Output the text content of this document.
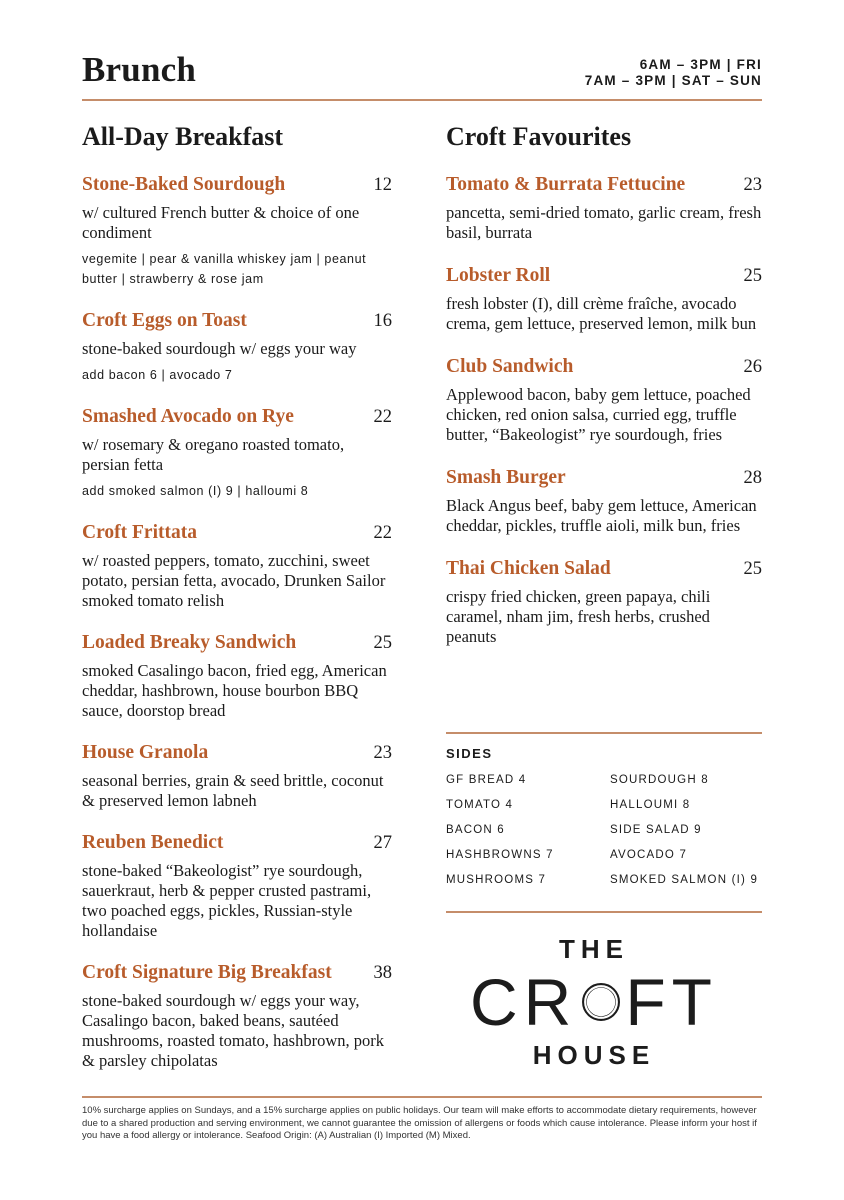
Brunch	6AM – 3PM | FRI
7AM – 3PM | SAT – SUN
All-Day Breakfast
Stone-Baked Sourdough	12
w/ cultured French butter & choice of one condiment
vegemite | pear & vanilla whiskey jam | peanut butter | strawberry & rose jam
Croft Eggs on Toast	16
stone-baked sourdough w/ eggs your way
add bacon 6 | avocado 7
Smashed Avocado on Rye	22
w/ rosemary & oregano roasted tomato, persian fetta
add smoked salmon (I) 9 | halloumi 8
Croft Frittata	22
w/ roasted peppers, tomato, zucchini, sweet potato, persian fetta, avocado, Drunken Sailor smoked tomato relish
Loaded Breaky Sandwich	25
smoked Casalingo bacon, fried egg, American cheddar, hashbrown, house bourbon BBQ sauce, doorstop bread
House Granola	23
seasonal berries, grain & seed brittle, coconut & preserved lemon labneh
Reuben Benedict	27
stone-baked “Bakeologist” rye sourdough, sauerkraut, herb & pepper crusted pastrami, two poached eggs, pickles, Russian-style hollandaise
Croft Signature Big Breakfast 38
stone-baked sourdough w/ eggs your way, Casalingo bacon, baked beans, sautéed mushrooms, roasted tomato, hashbrown, pork & parsley chipolatas
Croft Favourites
Tomato & Burrata Fettucine	23
pancetta, semi-dried tomato, garlic cream, fresh basil, burrata
Lobster Roll	25
fresh lobster (I), dill crème fraîche, avocado crema, gem lettuce, preserved lemon, milk bun
Club Sandwich	26
Applewood bacon, baby gem lettuce, poached chicken, red onion salsa, curried egg, truffle butter, “Bakeologist” rye sourdough, fries
Smash Burger	28
Black Angus beef, baby gem lettuce, American cheddar, pickles, truffle aioli, milk bun, fries
Thai Chicken Salad	25
crispy fried chicken, green papaya, chili caramel, nham jim, fresh herbs, crushed peanuts
SIDES
GF BREAD 4	SOURDOUGH 8
TOMATO 4	HALLOUMI 8
BACON 6	SIDE SALAD 9
HASHBROWNS 7	AVOCADO 7
MUSHROOMS 7	SMOKED SALMON (I) 9
THE
CR FT
HOUSE
10% surcharge applies on Sundays, and a 15% surcharge applies on public holidays. Our team will make efforts to accommodate dietary requirements, however due to a shared production and serving environment, we cannot guarantee the omission of allergens or foods which cause intolerance. Please inform your host if you have a food allergy or intolerance. Seafood Origin: (A) Australian (I) Imported (M) Mixed.
